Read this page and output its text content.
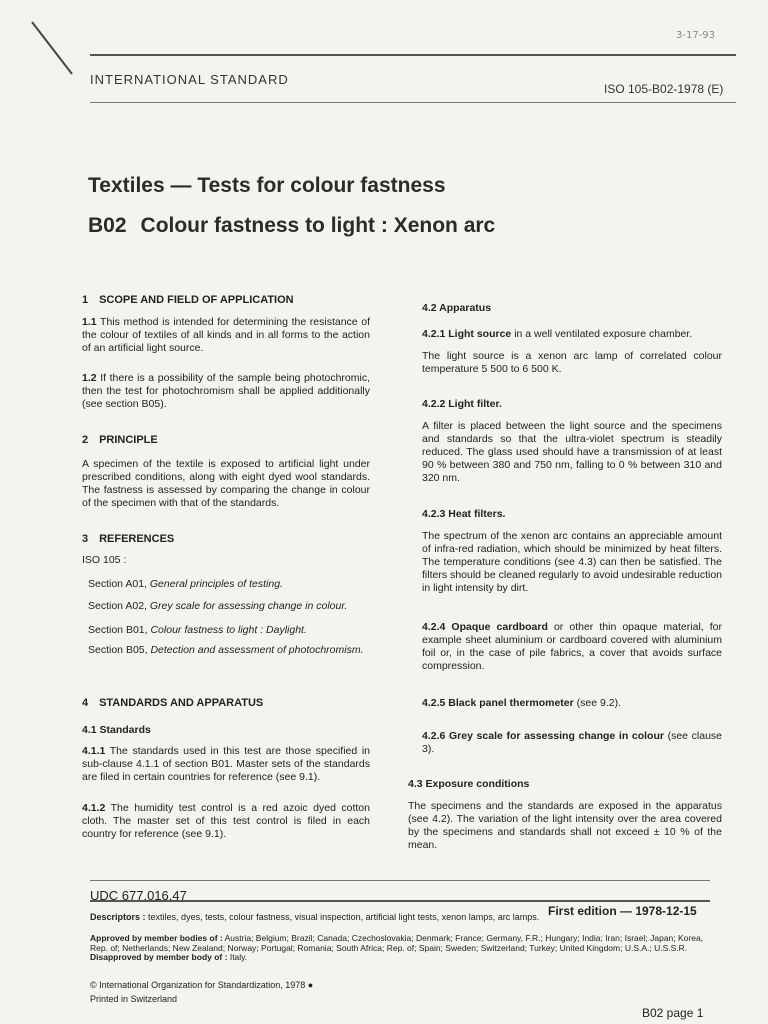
3-17-93
INTERNATIONAL STANDARD
ISO 105-B02-1978 (E)
Textiles — Tests for colour fastness
B02 Colour fastness to light : Xenon arc

1 SCOPE AND FIELD OF APPLICATION

1.1 This method is intended for determining the resistance of the colour of textiles of all kinds and in all forms to the action of an artificial light source.

1.2 If there is a possibility of the sample being photochromic, then the test for photochromism shall be applied additionally (see section B05).

2 PRINCIPLE

A specimen of the textile is exposed to artificial light under prescribed conditions, along with eight dyed wool standards. The fastness is assessed by comparing the change in colour of the specimen with that of the standards.

3 REFERENCES

ISO 105 :

Section A01, General principles of testing.

Section A02, Grey scale for assessing change in colour.

Section B01, Colour fastness to light : Daylight.

Section B05, Detection and assessment of photochromism.

4 STANDARDS AND APPARATUS

4.1 Standards

4.1.1 The standards used in this test are those specified in sub-clause 4.1.1 of section B01. Master sets of the standards are filed in certain countries for reference (see 9.1).

4.1.2 The humidity test control is a red azoic dyed cotton cloth. The master set of this test control is filed in each country for reference (see 9.1).

4.2 Apparatus

4.2.1 Light source in a well ventilated exposure chamber.

The light source is a xenon arc lamp of correlated colour temperature 5 500 to 6 500 K.

4.2.2 Light filter.

A filter is placed between the light source and the specimens and standards so that the ultra-violet spectrum is steadily reduced. The glass used should have a transmission of at least 90 % between 380 and 750 nm, falling to 0 % between 310 and 320 nm.

4.2.3 Heat filters.

The spectrum of the xenon arc contains an appreciable amount of infra-red radiation, which should be minimized by heat filters. The temperature conditions (see 4.3) can then be satisfied. The filters should be cleaned regularly to avoid undesirable reduction in light intensity by dirt.

4.2.4 Opaque cardboard or other thin opaque material, for example sheet aluminium or cardboard covered with aluminium foil or, in the case of pile fabrics, a cover that avoids surface compression.

4.2.5 Black panel thermometer (see 9.2).

4.2.6 Grey scale for assessing change in colour (see clause 3).

4.3 Exposure conditions

The specimens and the standards are exposed in the apparatus (see 4.2). The variation of the light intensity over the area covered by the specimens and standards shall not exceed ± 10 % of the mean.

UDC 677.016.47
First edition — 1978-12-15
Descriptors : textiles, dyes, tests, colour fastness, visual inspection, artificial light tests, xenon lamps, arc lamps.
Approved by member bodies of : Austria; Belgium; Brazil; Canada; Czechoslovakia; Denmark; France; Germany, F.R.; Hungary; India; Iran; Israel; Japan; Korea, Rep. of; Netherlands; New Zealand; Norway; Portugal; Romania; South Africa; Rep. of; Spain; Sweden; Switzerland; Turkey; United Kingdom; U.S.A.; U.S.S.R.
Disapproved by member body of : Italy.
© International Organization for Standardization, 1978 ●
Printed in Switzerland
B02 page 1
